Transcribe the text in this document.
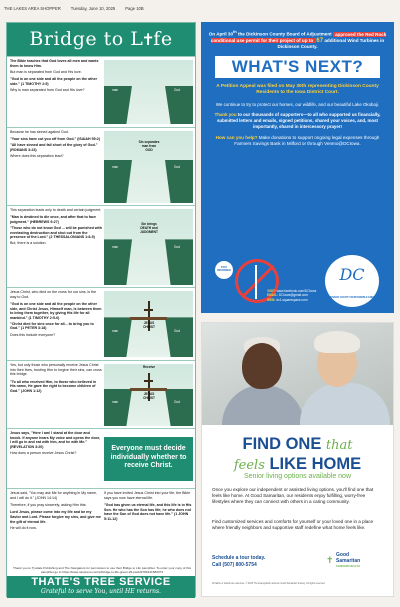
THE LAKES AREA SHOPPER Tuesday, June 10, 2025 Page 10B
Bridge to L✝fe
The Bible teaches that God loves all men and wants them to know Him.
But man is separated from God and His love.
"God is on one side and all the people on the other side." (1 TIMOTHY 2:5)
Why is man separated from God and His love?	man	God
Because he has sinned against God.
"Your sins have cut you off from God." (ISAIAH 59:2)
"All have sinned and fall short of the glory of God." (ROMANS 3:23)
Where does this separation lead?
Sin separates man from GOD
man	God
This separation leads only to death and certain judgment.
"Man is destined to die once, and after that to face judgment." (HEBREWS 9:27)
"Those who do not know God ... will be punished with everlasting destruction and shut out from the presence of the Lord." (2 THESSALONIANS 1:8-9)
But, there is a solution.
Sin brings DEATH and JUDGMENT
man	God
Jesus Christ, who died on the cross for our sins, is the way to God.
"God is on one side and all the people on the other side, and Christ Jesus, Himself man, is between them to bring them together, by giving His life for all mankind." (1 TIMOTHY 2:5-6)
"Christ died for sins once for all... to bring you to God." (1 PETER 3:18)
Does this include everyone?
JESUS CHRIST
man	God
Yes, but only those who personally receive Jesus Christ into their lives, trusting Him to forgive their sins, can cross this bridge.
"To all who received Him, to those who believed in His name, He gave the right to become children of God." (JOHN 1:12)
Receive
JESUS CHRIST
man	God
Jesus says, "Here I am! I stand at the door and knock. If anyone hears My voice and opens the door, I will go in and eat with him, and he with Me." (REVELATION 3:20)
How does a person receive Jesus Christ?
Everyone must decide individually whether to receive Christ.
Jesus said, "You may ask Me for anything in My name, and I will do it." (JOHN 14:14)
Therefore, if you pray sincerely, asking Him this:
Lord Jesus, please come into my life and be my Savior and Lord. Please forgive my sins, and give me the gift of eternal life.
He will do it now.
If you have invited Jesus Christ into your life, the Bible says you now have eternal life.
"God has given us eternal life, and this life is in His Son. He who has the Son has life; he who does not have the Son of God does not have life." (1 JOHN 5:11-12)
Thank you to Tyndale Publishing and The Navigators for permission to use their Bridge to Life pamphlet. To order your copy of this pamphlet go to https://www.navpress.com/p/bridge-to-life-green-25-pack/9781641583373
THATE'S TREE SERVICE
Grateful to serve You, until HE returns.
On April 30th the Dickinson County Board of Adjustment approved the Red Rock conditional use permit for their project of up to 67 additional Wind Turbines in Dickinson County.
WHAT'S NEXT?
A Petition Appeal was filed on May 30th representing Dickinson County Residents to the Iowa District Court.
We continue to try to protect our homes, our wildlife, and our beautiful Lake Okoboji.
Thank you to our thousands of supporters—to all who supported us financially, submitted letters and emails, signed petitions, shared your voices, and, most importantly, shared in intercessory prayer!
How can you help? Make donations to support ongoing legal expenses through Farmers Savings Bank in Milford or through Venmo@DCIowa.
STAY INFORMED
VISIT: www.facebook.com/DCIowa
EMAIL: DCIowa@gmail.com
WEB: dc1.squarespace.com
DC
DICKINSON COUNTY RESPONSIBLE ENERGY
FIND ONE that
feels LIKE HOME
Senior living options available now
Once you explore our independent or assisted living options, you'll find one that feels like home. At Good Samaritan, our residents enjoy fulfilling, worry-free lifestyles where they can connect with others in a caring community.
Find customized services and comforts for yourself or your loved one in a place where friendly neighbors and supportive staff redefine what home feels like.
Schedule a tour today.
Call (507) 800-5754	✝ Good
Samaritan
SANFORD HEALTH
All faiths or beliefs are welcome. © 2025 The Evangelical Lutheran Good Samaritan Society. All rights reserved.
